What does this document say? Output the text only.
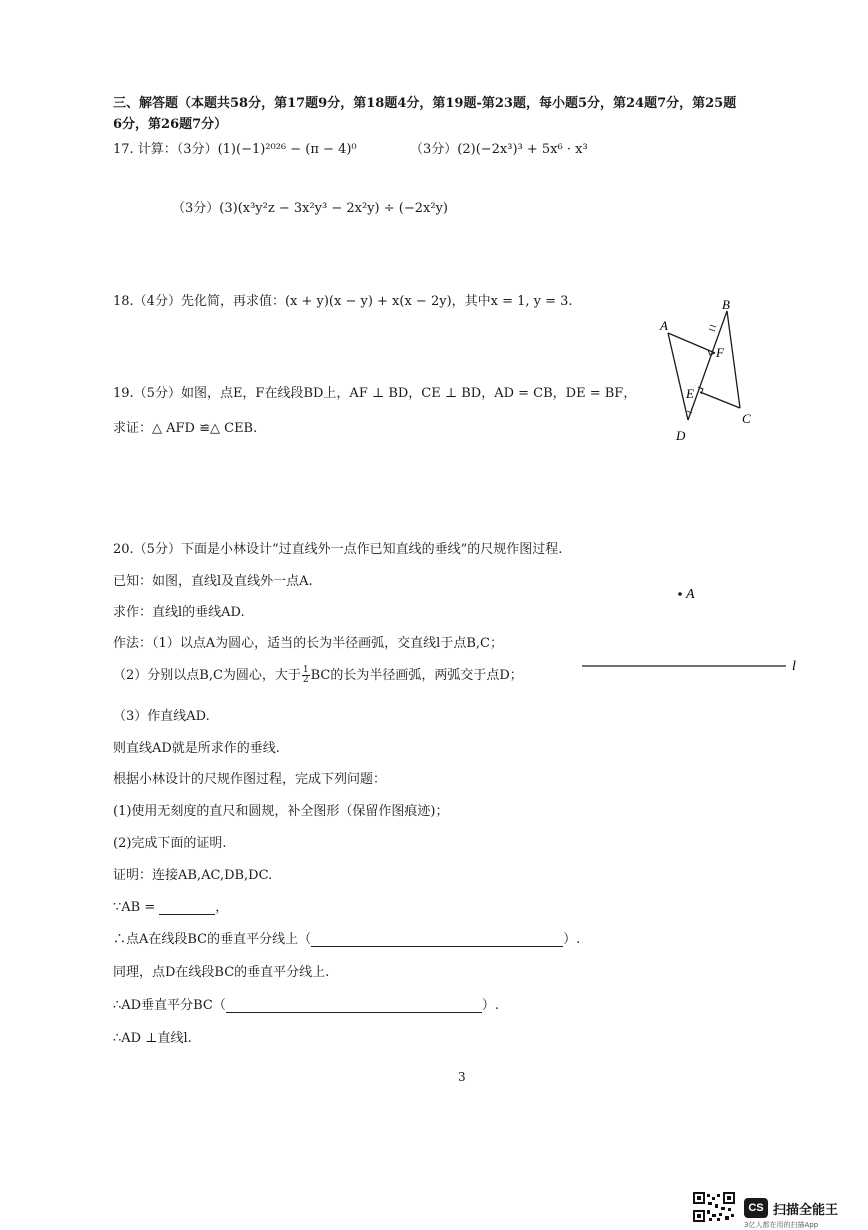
三、解答题（本题共58分，第17题9分，第18题4分，第19题-第23题，每小题5分，第24题7分，第25题
6分，第26题7分）
17. 计算：（3分）(1)(−1)²⁰²⁶ − (π − 4)⁰	（3分）(2)(−2x³)³ + 5x⁶ · x³
（3分）(3)(x³y²z − 3x²y³ − 2x²y) ÷ (−2x²y)
18.（4分）先化简，再求值：(x + y)(x − y) + x(x − 2y)，其中x = 1, y = 3.
19.（5分）如图，点E，F在线段BD上，AF ⊥ BD，CE ⊥ BD，AD = CB，DE = BF，
求证：△ AFD ≌△ CEB.
A
B
C
D
E
F
20.（5分）下面是小林设计“过直线外一点作已知直线的垂线”的尺规作图过程.
已知：如图，直线l及直线外一点A.
求作：直线l的垂线AD.
作法：（1）以点A为圆心，适当的长为半径画弧，交直线l于点B,C；
（2）分别以点B,C为圆心，大于 $\frac{1}{2}$ BC的长为半径画弧，两弧交于点D；
（3）作直线AD.
则直线AD就是所求作的垂线.
根据小林设计的尺规作图过程，完成下列问题：
(1)使用无刻度的直尺和圆规，补全图形（保留作图痕迹)；
(2)完成下面的证明.
证明：连接AB,AC,DB,DC.
∵AB =	，
∴点A在线段BC的垂直平分线上（	）.
同理，点D在线段BC的垂直平分线上.
∴AD垂直平分BC（	）.
∴AD ⊥直线l.
A
l
3
CS 扫描全能王
3亿人都在用的扫描App
